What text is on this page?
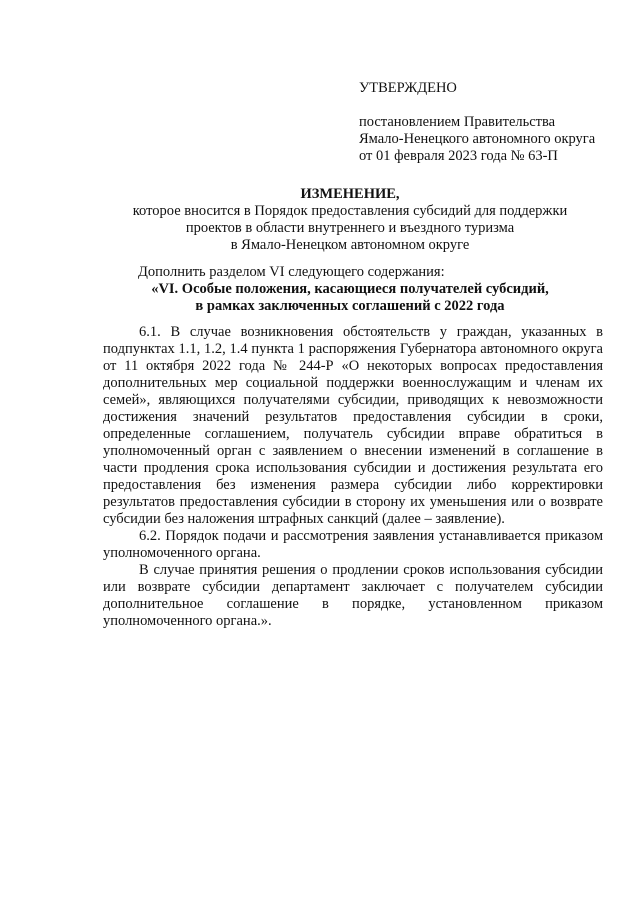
УТВЕРЖДЕНО
постановлением Правительства
Ямало-Ненецкого автономного округа
от 01 февраля 2023 года № 63-П
ИЗМЕНЕНИЕ,
которое вносится в Порядок предоставления субсидий для поддержки
проектов в области внутреннего и въездного туризма
в Ямало-Ненецком автономном округе
Дополнить разделом VI следующего содержания:
«VI. Особые положения, касающиеся получателей субсидий,
в рамках заключенных соглашений с 2022 года

6.1. В случае возникновения обстоятельств у граждан, указанных в подпунктах 1.1, 1.2, 1.4 пункта 1 распоряжения Губернатора автономного округа от 11 октября 2022 года № 244-Р «О некоторых вопросах предоставления дополнительных мер социальной поддержки военнослужащим и членам их семей», являющихся получателями субсидии, приводящих к невозможности достижения значений результатов предоставления субсидии в сроки, определенные соглашением, получатель субсидии вправе обратиться в уполномоченный орган с заявлением о внесении изменений в соглашение в части продления срока использования субсидии и достижения результата его предоставления без изменения размера субсидии либо корректировки результатов предоставления субсидии в сторону их уменьшения или о возврате субсидии без наложения штрафных санкций (далее – заявление).

6.2. Порядок подачи и рассмотрения заявления устанавливается приказом уполномоченного органа.

В случае принятия решения о продлении сроков использования субсидии или возврате субсидии департамент заключает с получателем субсидии дополнительное соглашение в порядке, установленном приказом уполномоченного органа.».
